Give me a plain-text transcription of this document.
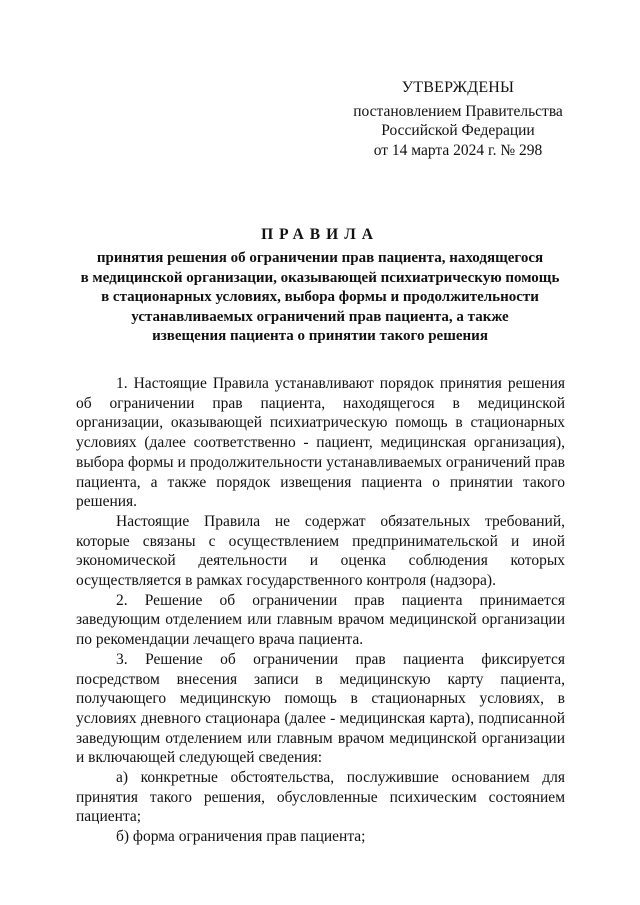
УТВЕРЖДЕНЫ
постановлением Правительства
Российской Федерации
от 14 марта 2024 г. № 298
ПРАВИЛА
принятия решения об ограничении прав пациента, находящегося
в медицинской организации, оказывающей психиатрическую помощь
в стационарных условиях, выбора формы и продолжительности
устанавливаемых ограничений прав пациента, а также
извещения пациента о принятии такого решения

1. Настоящие Правила устанавливают порядок принятия решения об ограничении прав пациента, находящегося в медицинской организации, оказывающей психиатрическую помощь в стационарных условиях (далее соответственно - пациент, медицинская организация), выбора формы и продолжительности устанавливаемых ограничений прав пациента, а также порядок извещения пациента о принятии такого решения.

Настоящие Правила не содержат обязательных требований, которые связаны с осуществлением предпринимательской и иной экономической деятельности и оценка соблюдения которых осуществляется в рамках государственного контроля (надзора).

2. Решение об ограничении прав пациента принимается заведующим отделением или главным врачом медицинской организации по рекомендации лечащего врача пациента.

3. Решение об ограничении прав пациента фиксируется посредством внесения записи в медицинскую карту пациента, получающего медицинскую помощь в стационарных условиях, в условиях дневного стационара (далее - медицинская карта), подписанной заведующим отделением или главным врачом медицинской организации и включающей следующей сведения:

а) конкретные обстоятельства, послужившие основанием для принятия такого решения, обусловленные психическим состоянием пациента;

б) форма ограничения прав пациента;
